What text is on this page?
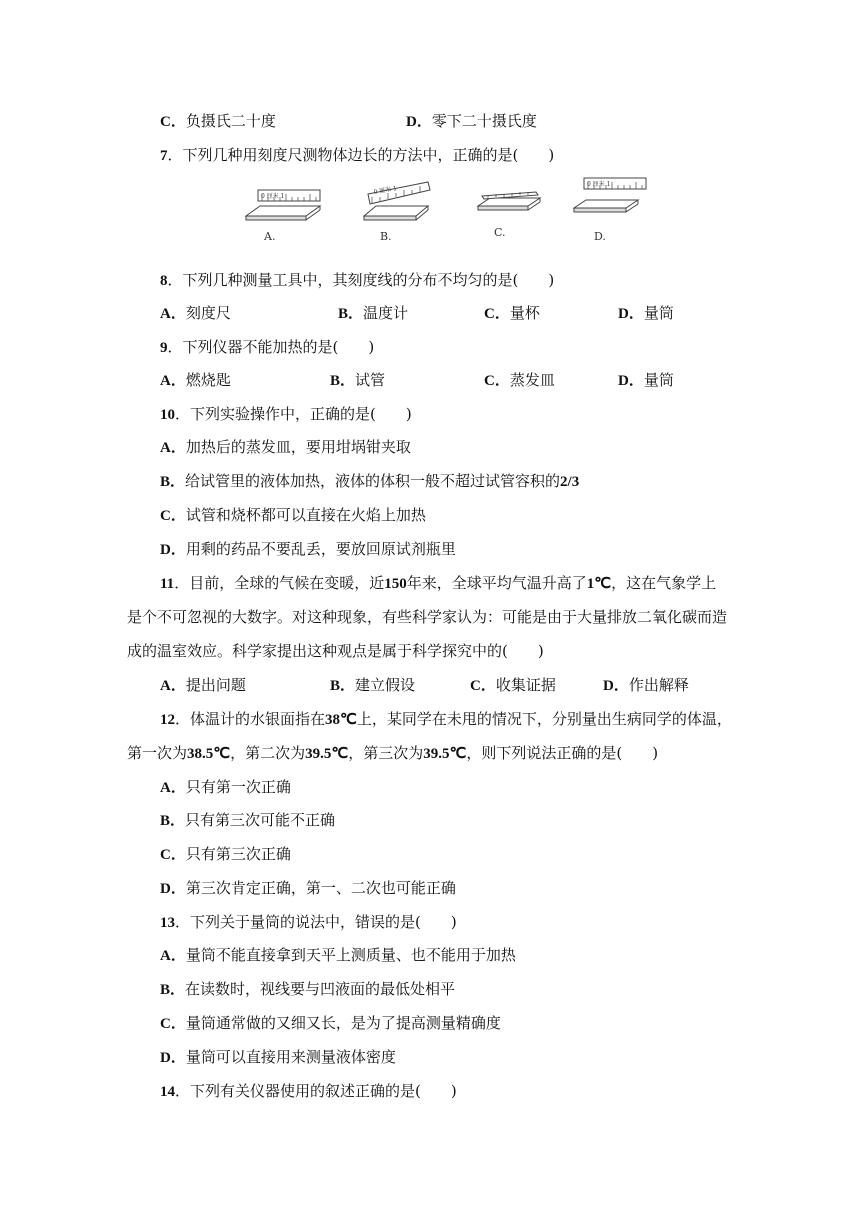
C．负摄氏二十度	D．零下二十摄氏度
7．下列几种用刻度尺测物体边长的方法中，正确的是(　　)
0 厘米 1
A.
0 厘米 1
B.	C.
0 厘米 1
D.
8．下列几种测量工具中，其刻度线的分布不均匀的是(　　)
A．刻度尺	B．温度计	C．量杯	D．量筒
9．下列仪器不能加热的是(　　)
A．燃烧匙	B．试管	C．蒸发皿	D．量筒
10．下列实验操作中，正确的是(　　)
A．加热后的蒸发皿，要用坩埚钳夹取
B．给试管里的液体加热，液体的体积一般不超过试管容积的2/3
C．试管和烧杯都可以直接在火焰上加热
D．用剩的药品不要乱丢，要放回原试剂瓶里
11．目前，全球的气候在变暖，近150年来，全球平均气温升高了1℃，这在气象学上
是个不可忽视的大数字。对这种现象，有些科学家认为：可能是由于大量排放二氧化碳而造
成的温室效应。科学家提出这种观点是属于科学探究中的(　　)
A．提出问题	B．建立假设	C．收集证据	D．作出解释
12．体温计的水银面指在38℃上，某同学在未甩的情况下，分别量出生病同学的体温，
第一次为38.5℃，第二次为39.5℃，第三次为39.5℃，则下列说法正确的是(　　)
A．只有第一次正确
B．只有第三次可能不正确
C．只有第三次正确
D．第三次肯定正确，第一、二次也可能正确
13．下列关于量筒的说法中，错误的是(　　)
A．量筒不能直接拿到天平上测质量、也不能用于加热
B．在读数时，视线要与凹液面的最低处相平
C．量筒通常做的又细又长，是为了提高测量精确度
D．量筒可以直接用来测量液体密度
14．下列有关仪器使用的叙述正确的是(　　)
